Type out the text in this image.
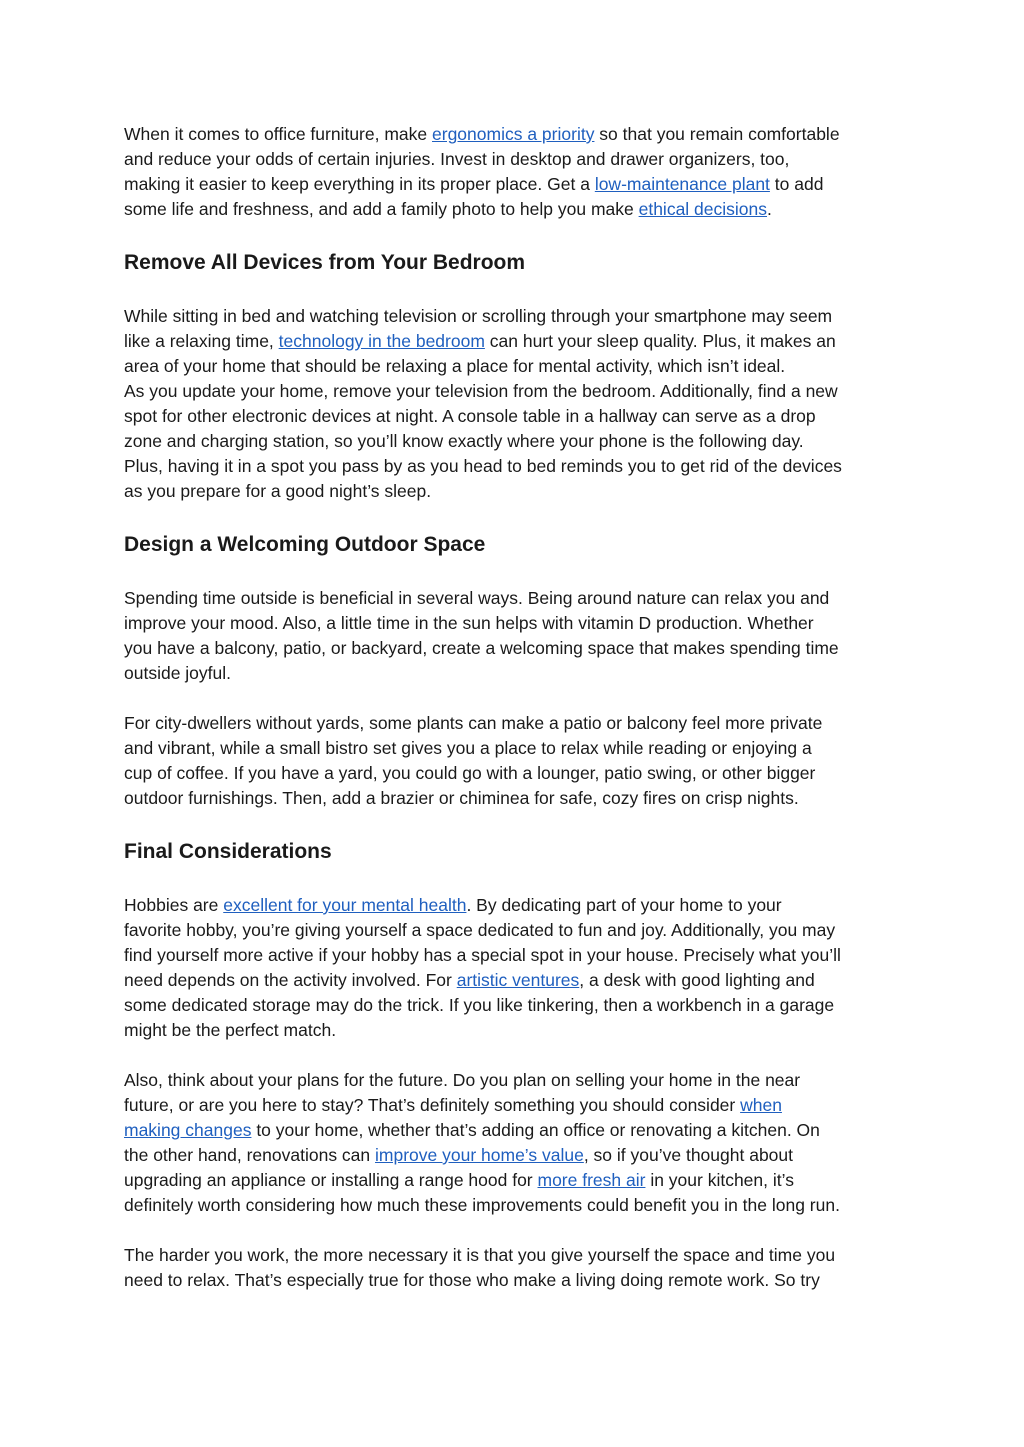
When it comes to office furniture, make ergonomics a priority so that you remain comfortable
and reduce your odds of certain injuries. Invest in desktop and drawer organizers, too,
making it easier to keep everything in its proper place. Get a low-maintenance plant to add
some life and freshness, and add a family photo to help you make ethical decisions.

Remove All Devices from Your Bedroom

While sitting in bed and watching television or scrolling through your smartphone may seem
like a relaxing time, technology in the bedroom can hurt your sleep quality. Plus, it makes an
area of your home that should be relaxing a place for mental activity, which isn’t ideal.

As you update your home, remove your television from the bedroom. Additionally, find a new
spot for other electronic devices at night. A console table in a hallway can serve as a drop
zone and charging station, so you’ll know exactly where your phone is the following day.
Plus, having it in a spot you pass by as you head to bed reminds you to get rid of the devices
as you prepare for a good night’s sleep.

Design a Welcoming Outdoor Space

Spending time outside is beneficial in several ways. Being around nature can relax you and
improve your mood. Also, a little time in the sun helps with vitamin D production. Whether
you have a balcony, patio, or backyard, create a welcoming space that makes spending time
outside joyful.

For city-dwellers without yards, some plants can make a patio or balcony feel more private
and vibrant, while a small bistro set gives you a place to relax while reading or enjoying a
cup of coffee. If you have a yard, you could go with a lounger, patio swing, or other bigger
outdoor furnishings. Then, add a brazier or chiminea for safe, cozy fires on crisp nights.

Final Considerations

Hobbies are excellent for your mental health. By dedicating part of your home to your
favorite hobby, you’re giving yourself a space dedicated to fun and joy. Additionally, you may
find yourself more active if your hobby has a special spot in your house. Precisely what you’ll
need depends on the activity involved. For artistic ventures, a desk with good lighting and
some dedicated storage may do the trick. If you like tinkering, then a workbench in a garage
might be the perfect match.

Also, think about your plans for the future. Do you plan on selling your home in the near
future, or are you here to stay? That’s definitely something you should consider when
making changes to your home, whether that’s adding an office or renovating a kitchen. On
the other hand, renovations can improve your home’s value, so if you’ve thought about
upgrading an appliance or installing a range hood for more fresh air in your kitchen, it’s
definitely worth considering how much these improvements could benefit you in the long run.

The harder you work, the more necessary it is that you give yourself the space and time you
need to relax. That’s especially true for those who make a living doing remote work. So try
